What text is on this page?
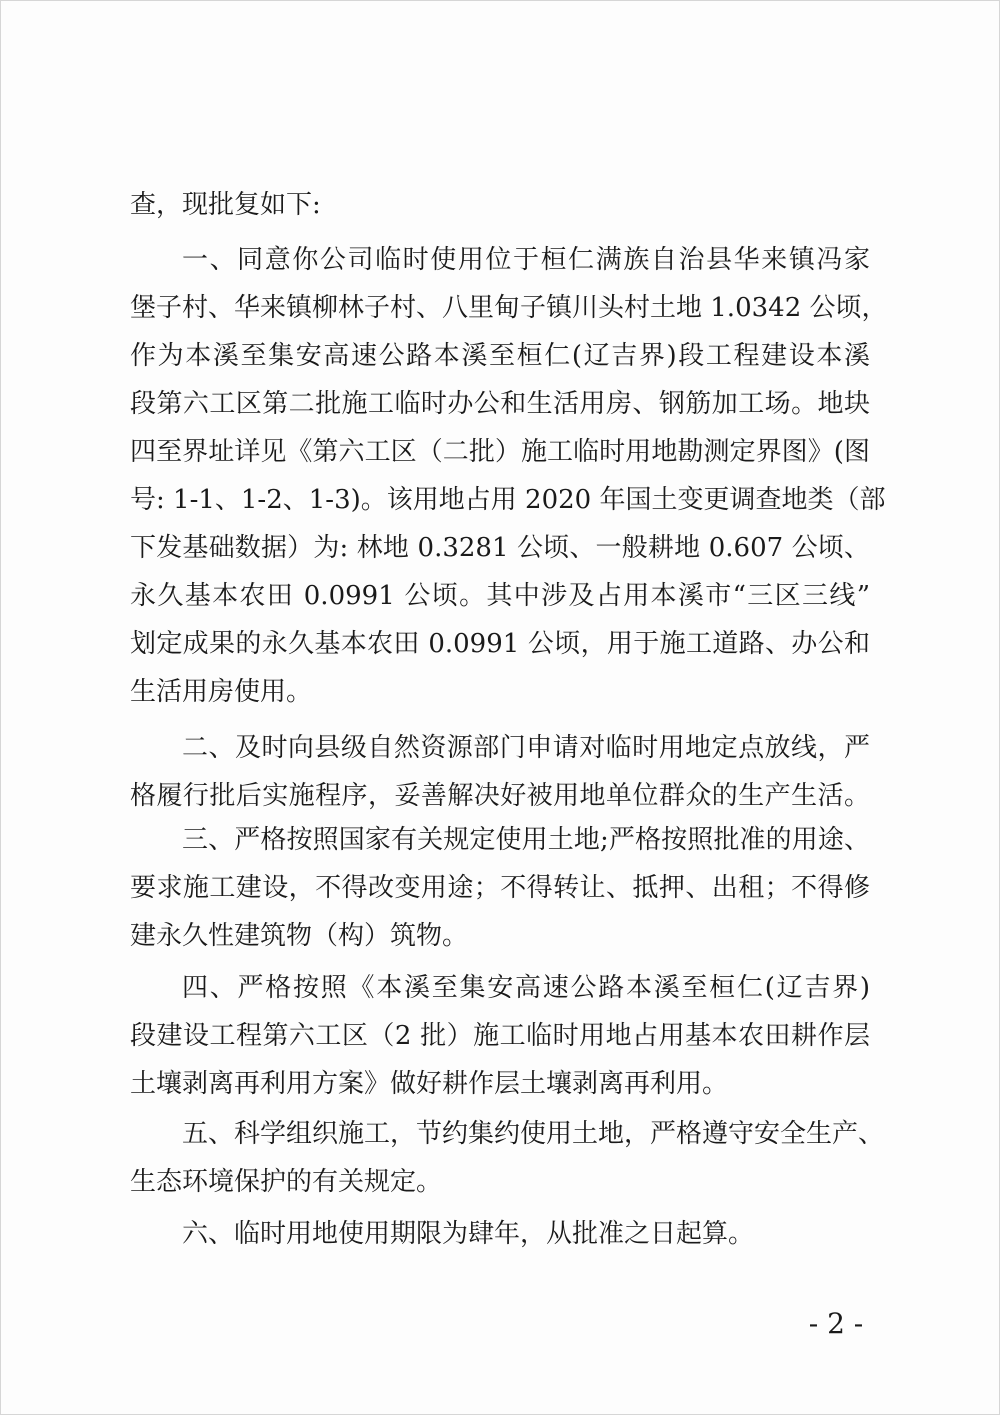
查，现批复如下:
一、同意你公司临时使用位于桓仁满族自治县华来镇冯家
堡子村、华来镇柳林子村、八里甸子镇川头村土地 1.0342 公顷，
作为本溪至集安高速公路本溪至桓仁(辽吉界)段工程建设本溪
段第六工区第二批施工临时办公和生活用房、钢筋加工场。地块
四至界址详见《第六工区（二批）施工临时用地勘测定界图》(图
号: 1-1、1-2、1-3)。该用地占用 2020 年国土变更调查地类（部
下发基础数据）为: 林地 0.3281 公顷、一般耕地 0.607 公顷、
永久基本农田 0.0991 公顷。其中涉及占用本溪市“三区三线”
划定成果的永久基本农田 0.0991 公顷，用于施工道路、办公和
生活用房使用。
二、及时向县级自然资源部门申请对临时用地定点放线，严
格履行批后实施程序，妥善解决好被用地单位群众的生产生活。
三、严格按照国家有关规定使用土地;严格按照批准的用途、
要求施工建设，不得改变用途；不得转让、抵押、出租；不得修
建永久性建筑物（构）筑物。
四、严格按照《本溪至集安高速公路本溪至桓仁(辽吉界)
段建设工程第六工区（2 批）施工临时用地占用基本农田耕作层
土壤剥离再利用方案》做好耕作层土壤剥离再利用。
五、科学组织施工，节约集约使用土地，严格遵守安全生产、
生态环境保护的有关规定。
六、临时用地使用期限为肆年，从批准之日起算。
- 2 -
